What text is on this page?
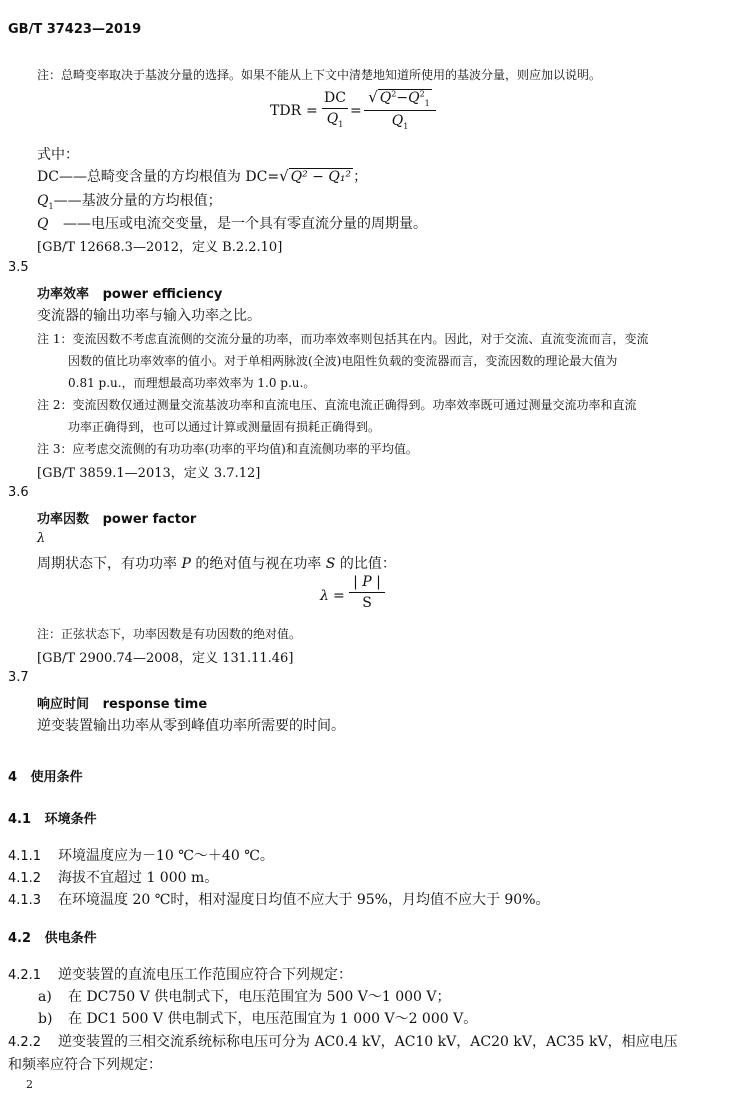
GB/T 37423—2019
注：总畸变率取决于基波分量的选择。如果不能从上下文中清楚地知道所使用的基波分量，则应加以说明。
TDR =
DC
$Q_1$
=
√ $Q^2-Q^2_1$
$Q_1$
式中：
DC——总畸变含量的方均根值为 DC=√ Q² − Q₁² ；
$Q_1——$基波分量的方均根值；
Q ——电压或电流交变量，是一个具有零直流分量的周期量。
[GB/T 12668.3—2012，定义 B.2.2.10]
3.5
功率效率 power efficiency
变流器的输出功率与输入功率之比。
注 1：变流因数不考虑直流侧的交流分量的功率，而功率效率则包括其在内。因此，对于交流、直流变流而言，变流
因数的值比功率效率的值小。对于单相两脉波(全波)电阻性负载的变流器而言，变流因数的理论最大值为
0.81 p.u.，而理想最高功率效率为 1.0 p.u.。
注 2：变流因数仅通过测量交流基波功率和直流电压、直流电流正确得到。功率效率既可通过测量交流功率和直流
功率正确得到，也可以通过计算或测量固有损耗正确得到。
注 3：应考虑交流侧的有功功率(功率的平均值)和直流侧功率的平均值。
[GB/T 3859.1—2013，定义 3.7.12]
3.6
功率因数 power factor
λ
周期状态下，有功功率 P 的绝对值与视在功率 S 的比值：
λ =
| P |
S
注：正弦状态下，功率因数是有功因数的绝对值。
[GB/T 2900.74—2008，定义 131.11.46]
3.7
响应时间 response time
逆变装置输出功率从零到峰值功率所需要的时间。
4 使用条件
4.1 环境条件
4.1.1 环境温度应为－10 ℃～＋40 ℃。
4.1.2 海拔不宜超过 1 000 m。
4.1.3 在环境温度 20 ℃时，相对湿度日均值不应大于 95%，月均值不应大于 90%。
4.2 供电条件
4.2.1 逆变装置的直流电压工作范围应符合下列规定：
a) 在 DC750 V 供电制式下，电压范围宜为 500 V～1 000 V；
b) 在 DC1 500 V 供电制式下，电压范围宜为 1 000 V～2 000 V。
4.2.2 逆变装置的三相交流系统标称电压可分为 AC0.4 kV，AC10 kV，AC20 kV，AC35 kV，相应电压
和频率应符合下列规定：
2
